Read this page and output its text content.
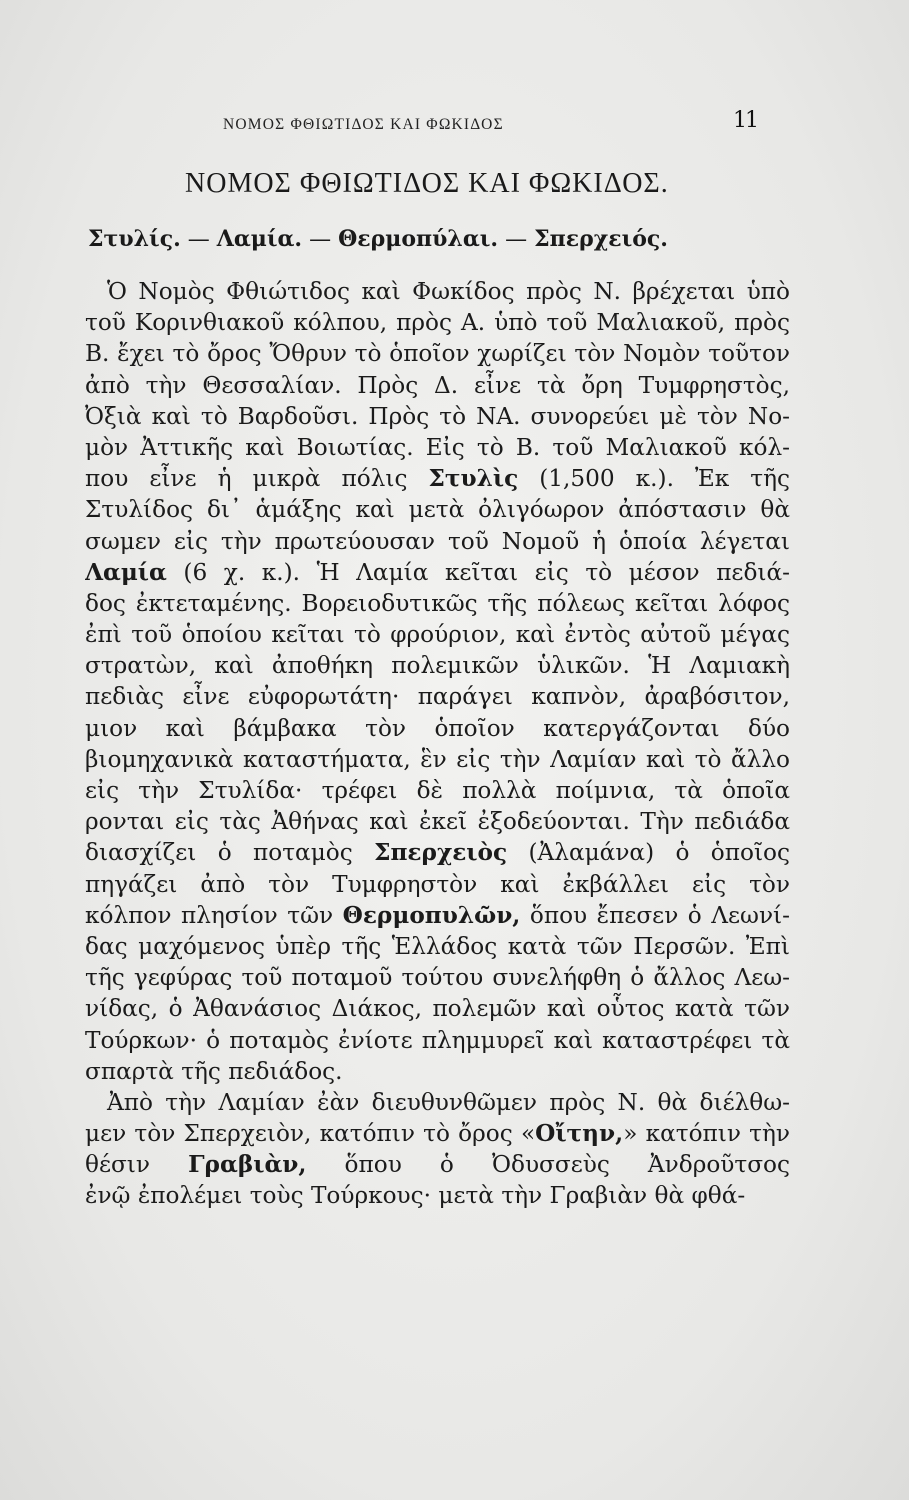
ΝΟΜΟΣ ΦΘΙΩΤΙΔΟΣ ΚΑΙ ΦΩΚΙΔΟΣ	11
ΝΟΜΟΣ ΦΘΙΩΤΙΔΟΣ ΚΑΙ ΦΩΚΙΔΟΣ.
Στυλίς. — Λαμία. — Θερμοπύλαι. — Σπερχειός.
Ὁ Νομὸς Φθιώτιδος καὶ Φωκίδος πρὸς Ν. βρέχεται ὑπὸ
τοῦ Κορινθιακοῦ κόλπου, πρὸς Α. ὑπὸ τοῦ Μαλιακοῦ, πρὸς
Β. ἔχει τὸ ὄρος Ὄθρυν τὸ ὁποῖον χωρίζει τὸν Νομὸν τοῦτον
ἀπὸ τὴν Θεσσαλίαν. Πρὸς Δ. εἶνε τὰ ὄρη Τυμφρηστὸς,
Ὀξιὰ καὶ τὸ Βαρδοῦσι. Πρὸς τὸ ΝΑ. συνορεύει μὲ τὸν Νο-
μὸν Ἀττικῆς καὶ Βοιωτίας. Εἰς τὸ Β. τοῦ Μαλιακοῦ κόλ-
που εἶνε ἡ μικρὰ πόλις Στυλὶς (1,500 κ.). Ἐκ τῆς
Στυλίδος δι᾽ ἁμάξης καὶ μετὰ ὀλιγόωρον ἀπόστασιν θὰ
σωμεν εἰς τὴν πρωτεύουσαν τοῦ Νομοῦ ἡ ὁποία λέγεται
Λαμία (6 χ. κ.). Ἡ Λαμία κεῖται εἰς τὸ μέσον πεδιά-
δος ἐκτεταμένης. Βορειοδυτικῶς τῆς πόλεως κεῖται λόφος
ἐπὶ τοῦ ὁποίου κεῖται τὸ φρούριον, καὶ ἐντὸς αὐτοῦ μέγας
στρατὼν, καὶ ἀποθήκη πολεμικῶν ὑλικῶν. Ἡ Λαμιακὴ
πεδιὰς εἶνε εὐφορωτάτη· παράγει καπνὸν, ἀραβόσιτον,
μιον καὶ βάμβακα τὸν ὁποῖον κατεργάζονται δύο
βιομηχανικὰ καταστήματα, ἓν εἰς τὴν Λαμίαν καὶ τὸ ἄλλο
εἰς τὴν Στυλίδα· τρέφει δὲ πολλὰ ποίμνια, τὰ ὁποῖα
ρονται εἰς τὰς Ἀθήνας καὶ ἐκεῖ ἐξοδεύονται. Τὴν πεδιάδα
διασχίζει ὁ ποταμὸς Σπερχειὸς (Ἀλαμάνα) ὁ ὁποῖος
πηγάζει ἀπὸ τὸν Τυμφρηστὸν καὶ ἐκβάλλει εἰς τὸν
κόλπον πλησίον τῶν Θερμοπυλῶν, ὅπου ἔπεσεν ὁ Λεωνί-
δας μαχόμενος ὑπὲρ τῆς Ἑλλάδος κατὰ τῶν Περσῶν. Ἐπὶ
τῆς γεφύρας τοῦ ποταμοῦ τούτου συνελήφθη ὁ ἄλλος Λεω-
νίδας, ὁ Ἀθανάσιος Διάκος, πολεμῶν καὶ οὗτος κατὰ τῶν
Τούρκων· ὁ ποταμὸς ἐνίοτε πλημμυρεῖ καὶ καταστρέφει τὰ
σπαρτὰ τῆς πεδιάδος.
Ἀπὸ τὴν Λαμίαν ἐὰν διευθυνθῶμεν πρὸς Ν. θὰ διέλθω-
μεν τὸν Σπερχειὸν, κατόπιν τὸ ὄρος «Οἴτην,» κατόπιν τὴν
θέσιν Γραβιὰν, ὅπου ὁ Ὀδυσσεὺς Ἀνδροῦτσος
ἐνῷ ἐπολέμει τοὺς Τούρκους· μετὰ τὴν Γραβιὰν θὰ φθά-
